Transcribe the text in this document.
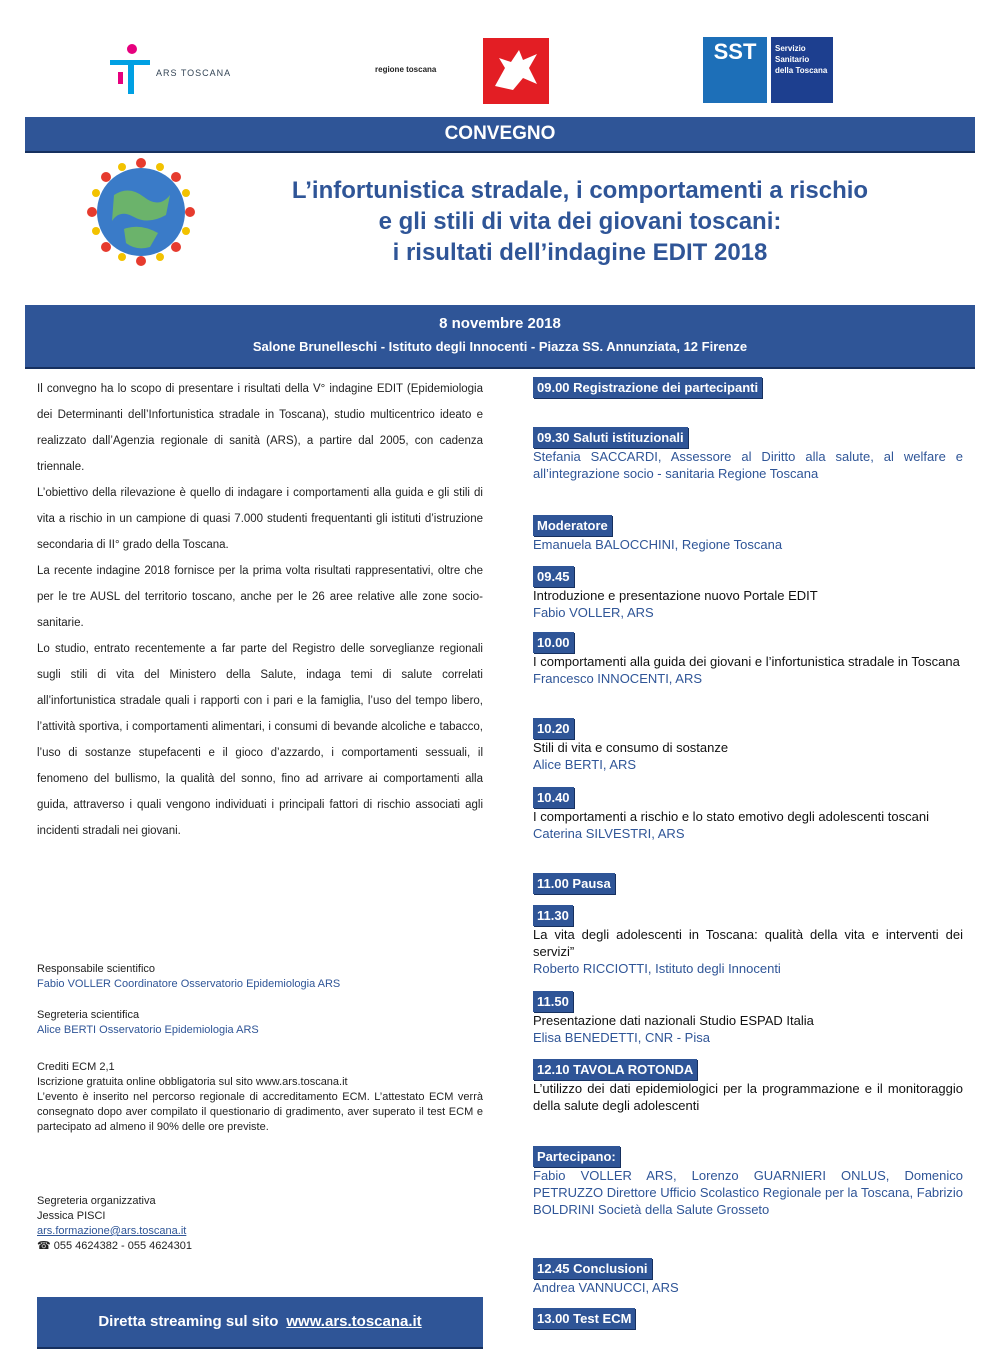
ARS TOSCANA	regione toscana
SST	Servizio Sanitario della Toscana
CONVEGNO
L’infortunistica stradale, i comportamenti a rischio
e gli stili di vita dei giovani toscani:
i risultati dell’indagine EDIT 2018
8 novembre 2018
Salone Brunelleschi - Istituto degli Innocenti - Piazza SS. Annunziata, 12 Firenze

Il convegno ha lo scopo di presentare i risultati della V° indagine EDIT (Epidemiologia dei Determinanti dell’Infortunistica stradale in Toscana), studio multicentrico ideato e realizzato dall’Agenzia regionale di sanità (ARS), a partire dal 2005, con cadenza triennale.

L’obiettivo della rilevazione è quello di indagare i comportamenti alla guida e gli stili di vita a rischio in un campione di quasi 7.000 studenti frequentanti gli istituti d’istruzione secondaria di II° grado della Toscana.

La recente indagine 2018 fornisce per la prima volta risultati rappresentativi, oltre che per le tre AUSL del territorio toscano, anche per le 26 aree relative alle zone socio-sanitarie.

Lo studio, entrato recentemente a far parte del Registro delle sorveglianze regionali sugli stili di vita del Ministero della Salute, indaga temi di salute correlati all’infortunistica stradale quali i rapporti con i pari e la famiglia, l’uso del tempo libero, l’attività sportiva, i comportamenti alimentari, i consumi di bevande alcoliche e tabacco, l’uso di sostanze stupefacenti e il gioco d’azzardo, i comportamenti sessuali, il fenomeno del bullismo, la qualità del sonno, fino ad arrivare ai comportamenti alla guida, attraverso i quali vengono individuati i principali fattori di rischio associati agli incidenti stradali nei giovani.

Responsabile scientifico
Fabio VOLLER Coordinatore Osservatorio Epidemiologia ARS
Segreteria scientifica
Alice BERTI Osservatorio Epidemiologia ARS
Crediti ECM 2,1
Iscrizione gratuita online obbligatoria sul sito www.ars.toscana.it
L’evento è inserito nel percorso regionale di accreditamento ECM. L’attestato ECM verrà consegnato dopo aver compilato il questionario di gradimento, aver superato il test ECM e partecipato ad almeno il 90% delle ore previste.
Segreteria organizzativa
Jessica PISCI
ars.formazione@ars.toscana.it
☎ 055 4624382 - 055 4624301
Diretta streaming sul sito www.ars.toscana.it
09.00 Registrazione dei partecipanti
09.30 Saluti istituzionali
Stefania SACCARDI, Assessore al Diritto alla salute, al welfare e all’integrazione socio - sanitaria Regione Toscana
Moderatore
Emanuela BALOCCHINI, Regione Toscana
09.45
Introduzione e presentazione nuovo Portale EDIT
Fabio VOLLER, ARS
10.00
I comportamenti alla guida dei giovani e l’infortunistica stradale in Toscana
Francesco INNOCENTI, ARS
10.20
Stili di vita e consumo di sostanze
Alice BERTI, ARS
10.40
I comportamenti a rischio e lo stato emotivo degli adolescenti toscani
Caterina SILVESTRI, ARS
11.00 Pausa
11.30
La vita degli adolescenti in Toscana: qualità della vita e interventi dei servizi”
Roberto RICCIOTTI, Istituto degli Innocenti
11.50
Presentazione dati nazionali Studio ESPAD Italia
Elisa BENEDETTI, CNR - Pisa
12.10 TAVOLA ROTONDA
L’utilizzo dei dati epidemiologici per la programmazione e il monitoraggio della salute degli adolescenti
Partecipano:
Fabio VOLLER ARS, Lorenzo GUARNIERI ONLUS, Domenico PETRUZZO Direttore Ufficio Scolastico Regionale per la Toscana, Fabrizio BOLDRINI Società della Salute Grosseto
12.45 Conclusioni
Andrea VANNUCCI, ARS
13.00 Test ECM
